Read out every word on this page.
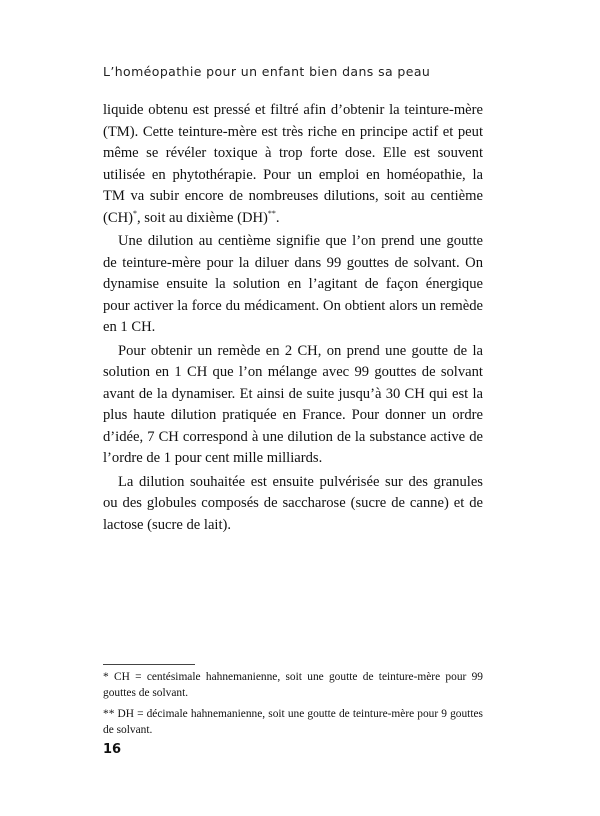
L’homéopathie pour un enfant bien dans sa peau

liquide obtenu est pressé et filtré afin d’obtenir la teinture-mère (TM). Cette teinture-mère est très riche en principe actif et peut même se révéler toxique à trop forte dose. Elle est souvent utilisée en phytothérapie. Pour un emploi en homéopathie, la TM va subir encore de nombreuses dilutions, soit au centième (CH)*, soit au dixième (DH)**.

Une dilution au centième signifie que l’on prend une goutte de teinture-mère pour la diluer dans 99 gouttes de solvant. On dynamise ensuite la solution en l’agitant de façon énergique pour activer la force du médicament. On obtient alors un remède en 1 CH.

Pour obtenir un remède en 2 CH, on prend une goutte de la solution en 1 CH que l’on mélange avec 99 gouttes de solvant avant de la dynamiser. Et ainsi de suite jusqu’à 30 CH qui est la plus haute dilution pratiquée en France. Pour donner un ordre d’idée, 7 CH correspond à une dilution de la substance active de l’ordre de 1 pour cent mille milliards.

La dilution souhaitée est ensuite pulvérisée sur des granules ou des globules composés de saccharose (sucre de canne) et de lactose (sucre de lait).

* CH = centésimale hahnemanienne, soit une goutte de teinture-mère pour 99 gouttes de solvant.

** DH = décimale hahnemanienne, soit une goutte de teinture-mère pour 9 gouttes de solvant.

16
